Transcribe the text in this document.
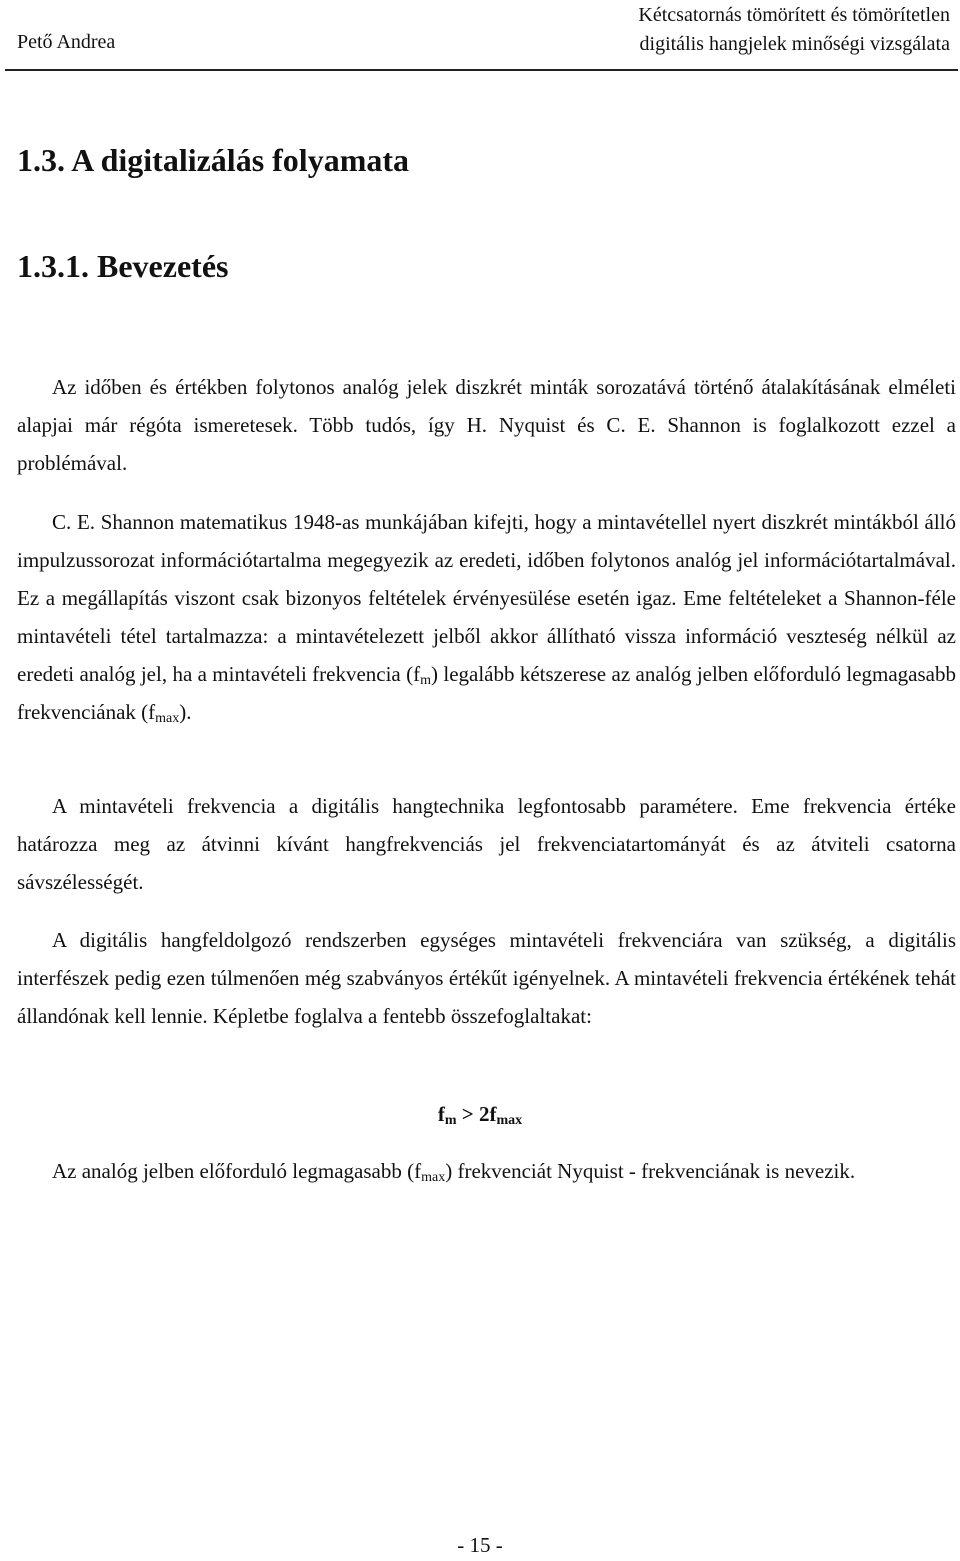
Pető Andrea
Kétcsatornás tömörített és tömörítetlen
digitális hangjelek minőségi vizsgálata
1.3. A digitalizálás folyamata
1.3.1. Bevezetés

Az időben és értékben folytonos analóg jelek diszkrét minták sorozatává történő átalakításának elméleti alapjai már régóta ismeretesek. Több tudós, így H. Nyquist és C. E. Shannon is foglalkozott ezzel a problémával.

C. E. Shannon matematikus 1948-as munkájában kifejti, hogy a mintavétellel nyert diszkrét mintákból álló impulzussorozat információtartalma megegyezik az eredeti, időben folytonos analóg jel információtartalmával. Ez a megállapítás viszont csak bizonyos feltételek érvényesülése esetén igaz. Eme feltételeket a Shannon-féle mintavételi tétel tartalmazza: a mintavételezett jelből akkor állítható vissza információ veszteség nélkül az eredeti analóg jel, ha a mintavételi frekvencia $(f_m)$ legalább kétszerese az analóg jelben előforduló legmagasabb frekvenciának $(f_{max})$.

A mintavételi frekvencia a digitális hangtechnika legfontosabb paramétere. Eme frekvencia értéke határozza meg az átvinni kívánt hangfrekvenciás jel frekvenciatartományát és az átviteli csatorna sávszélességét.

A digitális hangfeldolgozó rendszerben egységes mintavételi frekvenciára van szükség, a digitális interfészek pedig ezen túlmenően még szabványos értékűt igényelnek. A mintavételi frekvencia értékének tehát állandónak kell lennie. Képletbe foglalva a fentebb összefoglaltakat:

$f_m > 2f_{max}$

Az analóg jelben előforduló legmagasabb $(f_{max})$ frekvenciát Nyquist - frekvenciának is nevezik.

- 15 -
